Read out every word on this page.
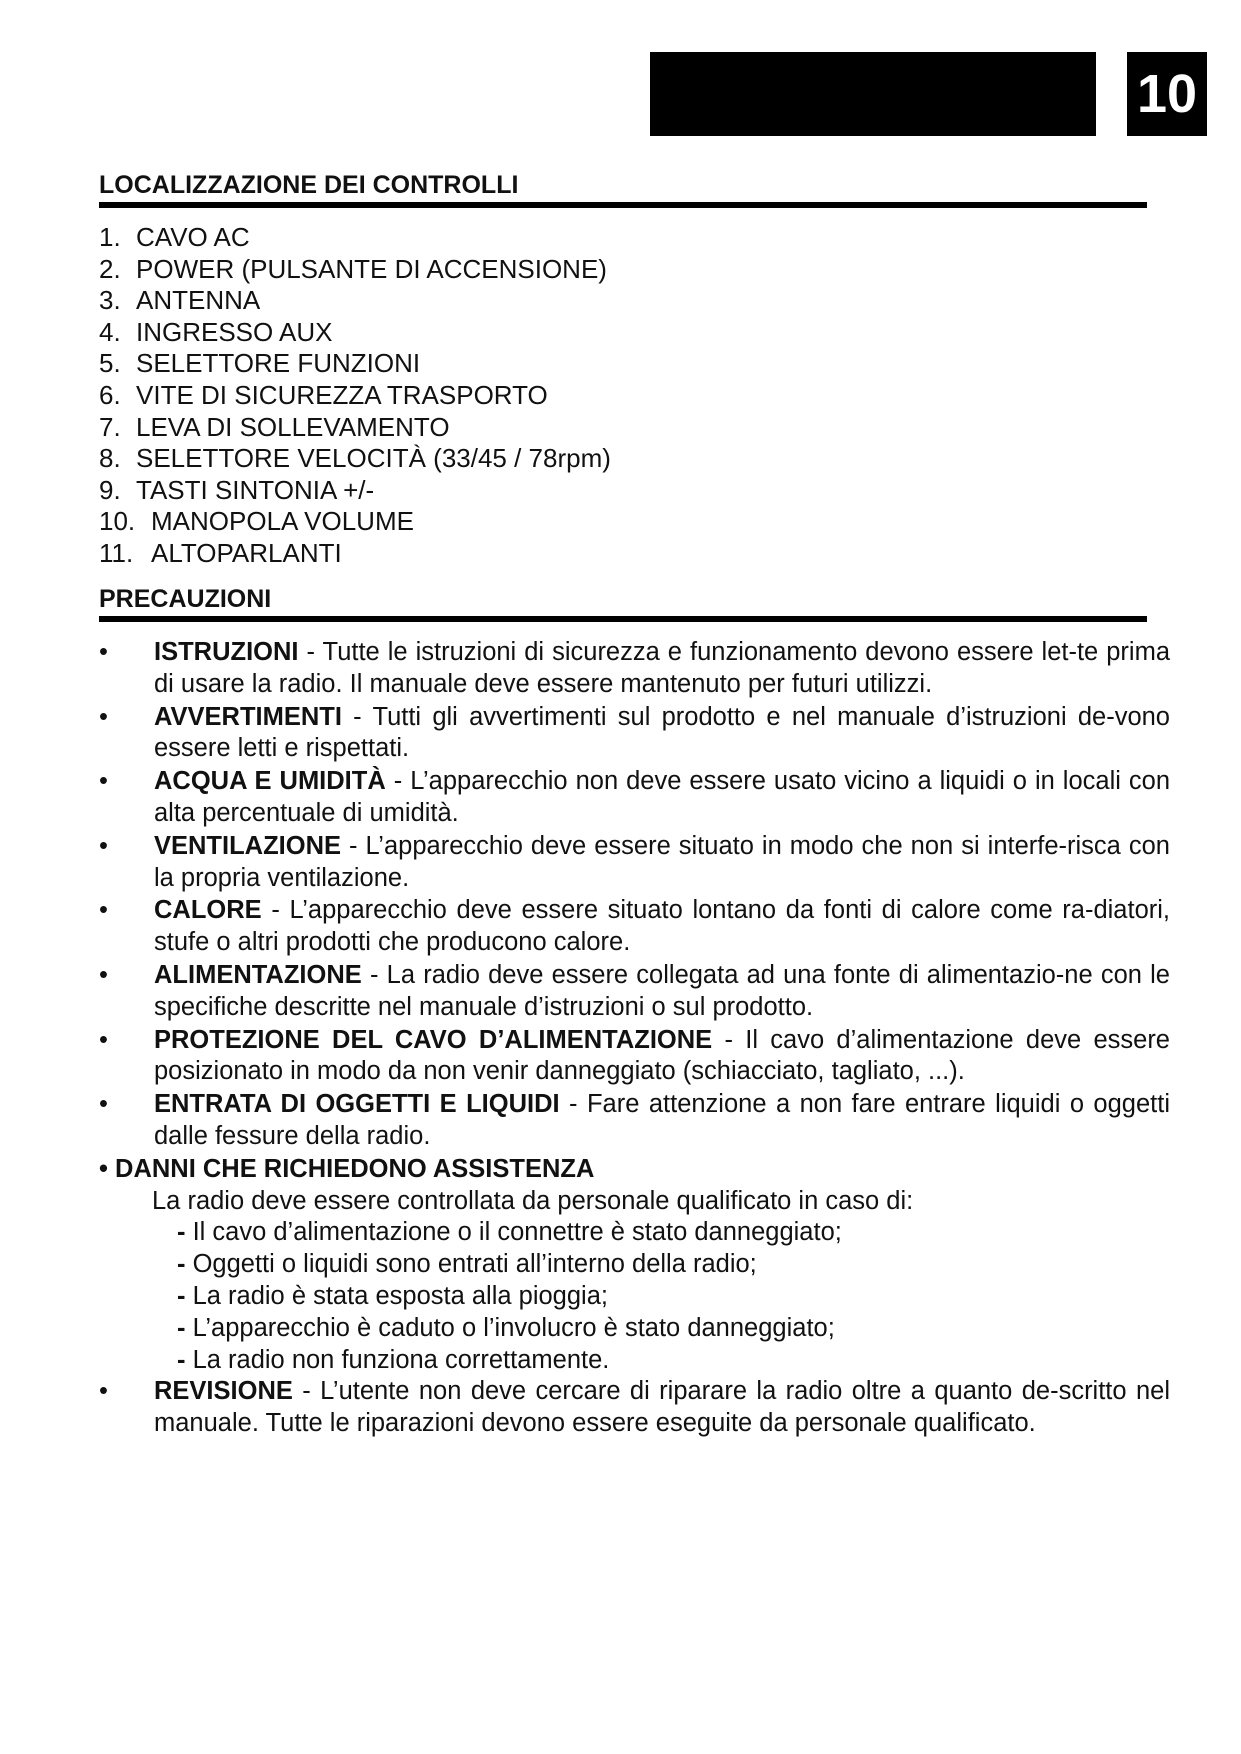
10
LOCALIZZAZIONE DEI CONTROLLI
1. CAVO AC
2. POWER (PULSANTE DI ACCENSIONE)
3. ANTENNA
4. INGRESSO AUX
5. SELETTORE FUNZIONI
6. VITE DI SICUREZZA TRASPORTO
7. LEVA DI SOLLEVAMENTO
8. SELETTORE VELOCITÀ (33/45 / 78rpm)
9. TASTI SINTONIA +/-
10. MANOPOLA VOLUME
11. ALTOPARLANTI
PRECAUZIONI
• ISTRUZIONI - Tutte le istruzioni di sicurezza e funzionamento devono essere let-te prima di usare la radio. Il manuale deve essere mantenuto per futuri utilizzi.
• AVVERTIMENTI - Tutti gli avvertimenti sul prodotto e nel manuale d’istruzioni de-vono essere letti e rispettati.
• ACQUA E UMIDITÀ - L’apparecchio non deve essere usato vicino a liquidi o in locali con alta percentuale di umidità.
• VENTILAZIONE - L’apparecchio deve essere situato in modo che non si interfe-risca con la propria ventilazione.
• CALORE - L’apparecchio deve essere situato lontano da fonti di calore come ra-diatori, stufe o altri prodotti che producono calore.
• ALIMENTAZIONE - La radio deve essere collegata ad una fonte di alimentazio-ne con le specifiche descritte nel manuale d’istruzioni o sul prodotto.
• PROTEZIONE DEL CAVO D’ALIMENTAZIONE - Il cavo d’alimentazione deve essere posizionato in modo da non venir danneggiato (schiacciato, tagliato, ...).
• ENTRATA DI OGGETTI E LIQUIDI - Fare attenzione a non fare entrare liquidi o oggetti dalle fessure della radio.
• DANNI CHE RICHIEDONO ASSISTENZA
La radio deve essere controllata da personale qualificato in caso di:
- Il cavo d’alimentazione o il connettre è stato danneggiato;
- Oggetti o liquidi sono entrati all’interno della radio;
- La radio è stata esposta alla pioggia;
- L’apparecchio è caduto o l’involucro è stato danneggiato;
- La radio non funziona correttamente.
• REVISIONE - L’utente non deve cercare di riparare la radio oltre a quanto de-scritto nel manuale. Tutte le riparazioni devono essere eseguite da personale qualificato.
